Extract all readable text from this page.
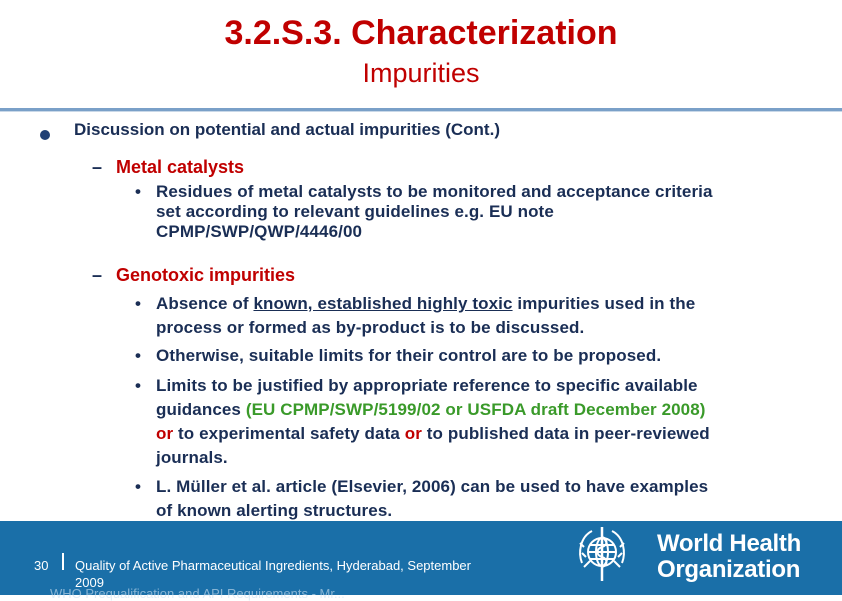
3.2.S.3. Characterization
Impurities
Discussion on potential and actual impurities (Cont.)
– Metal catalysts
• Residues of metal catalysts to be monitored and acceptance criteria
set according to relevant guidelines e.g. EU note
CPMP/SWP/QWP/4446/00
– Genotoxic impurities
• Absence of known, established highly toxic impurities used in the
process or formed as by-product is to be discussed.
• Otherwise, suitable limits for their control are to be proposed.
• Limits to be justified by appropriate reference to specific available
guidances (EU CPMP/SWP/5199/02 or USFDA draft December 2008)
or to experimental safety data or to published data in peer-reviewed
journals.
• L. Müller et al. article (Elsevier, 2006) can be used to have examples
of known alerting structures.
30 Quality of Active Pharmaceutical Ingredients, Hyderabad, September
2009
WHO Prequalification and API Requirements - Mr...
World Health
Organization
